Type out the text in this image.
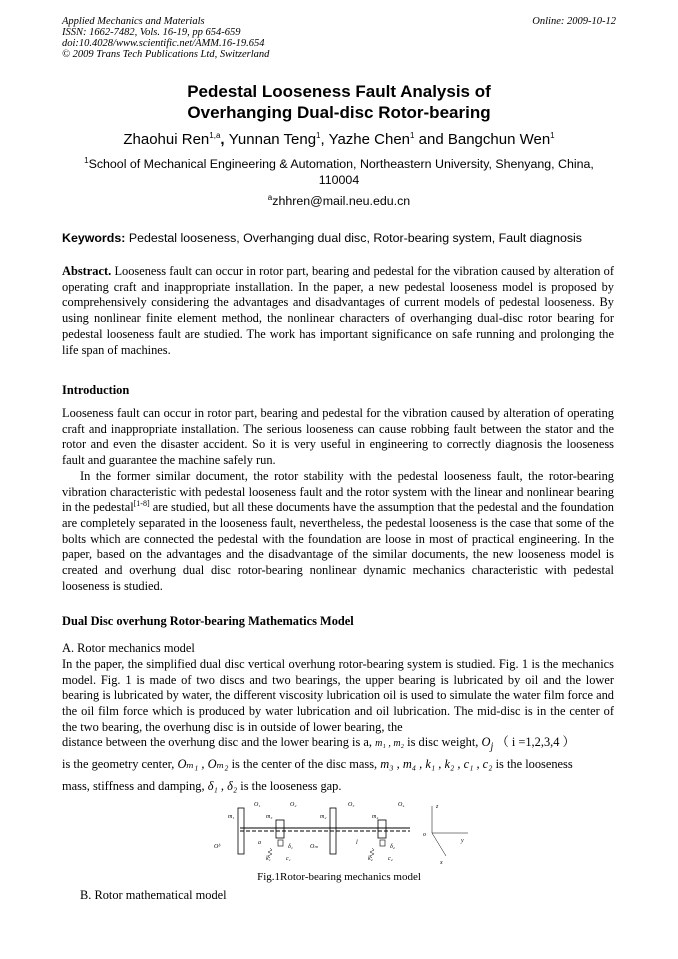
Applied Mechanics and Materials
ISSN: 1662-7482, Vols. 16-19, pp 654-659
doi:10.4028/www.scientific.net/AMM.16-19.654
© 2009 Trans Tech Publications Ltd, Switzerland
Online: 2009-10-12
Pedestal Looseness Fault Analysis of
Overhanging Dual-disc Rotor-bearing
Zhaohui Ren$^{1,a}$, Yunnan Teng$^1$, Yazhe Chen$^1$ and Bangchun Wen$^1$
$^1$School of Mechanical Engineering & Automation, Northeastern University, Shenyang, China,
110004
$^a$zhhren@mail.neu.edu.cn
Keywords: Pedestal looseness, Overhanging dual disc, Rotor-bearing system, Fault diagnosis
Abstract. Looseness fault can occur in rotor part, bearing and pedestal for the vibration caused by alteration of operating craft and inappropriate installation. In the paper, a new pedestal looseness model is proposed by comprehensively considering the advantages and disadvantages of current models of pedestal looseness. By using nonlinear finite element method, the nonlinear characters of overhanging dual-disc rotor bearing for pedestal looseness fault are studied. The work has important significance on safe running and prolonging the life span of machines.
Introduction
Looseness fault can occur in rotor part, bearing and pedestal for the vibration caused by alteration of operating craft and inappropriate installation. The serious looseness can cause robbing fault between the stator and the rotor and even the disaster accident. So it is very useful in engineering to correctly diagnosis the looseness fault and guarantee the machine safely run.
In the former similar document, the rotor stability with the pedestal looseness fault, the rotor-bearing vibration characteristic with pedestal looseness fault and the rotor system with the linear and nonlinear bearing in the pedestal[1-8] are studied, but all these documents have the assumption that the pedestal and the foundation are completely separated in the looseness fault, nevertheless, the pedestal looseness is the case that some of the bolts which are connected the pedestal with the foundation are loose in most of practical engineering. In the paper, based on the advantages and the disadvantage of the similar documents, the new looseness model is created and overhung dual disc rotor-bearing nonlinear dynamic mechanics characteristic with pedestal looseness is studied.
Dual Disc overhung Rotor-bearing Mathematics Model
A. Rotor mechanics model
In the paper, the simplified dual disc vertical overhung rotor-bearing system is studied. Fig. 1 is the mechanics model. Fig. 1 is made of two discs and two bearings, the upper bearing is lubricated by oil and the lower bearing is lubricated by water, the different viscosity lubrication oil is used to simulate the water film force and the oil film force which is produced by water lubrication and oil lubrication. The mid-disc is in the center of the two bearing, the overhung disc is in outside of lower bearing, the
distance between the overhung disc and the lower bearing is a, m₁ , m₂ is disc weight, $O_j$ （ i =1,2,3,4 ）
is the geometry center, Oₘ₁ , Oₘ₂ is the center of the disc mass, m₃ , m₄ , k₁ , k₂ , c₁ , c₂ is the looseness
mass, stiffness and damping, δ₁ , δ₂ is the looseness gap.
O₁	O₂	O₃	O₄
m₁	m₃	m₂	m₄
Oᵇ	Oₘ
a	l
k₁	c₁	k₂	c₂
δ₁	δ₂
z
y
x
o
Fig.1Rotor-bearing mechanics model
B. Rotor mathematical model
